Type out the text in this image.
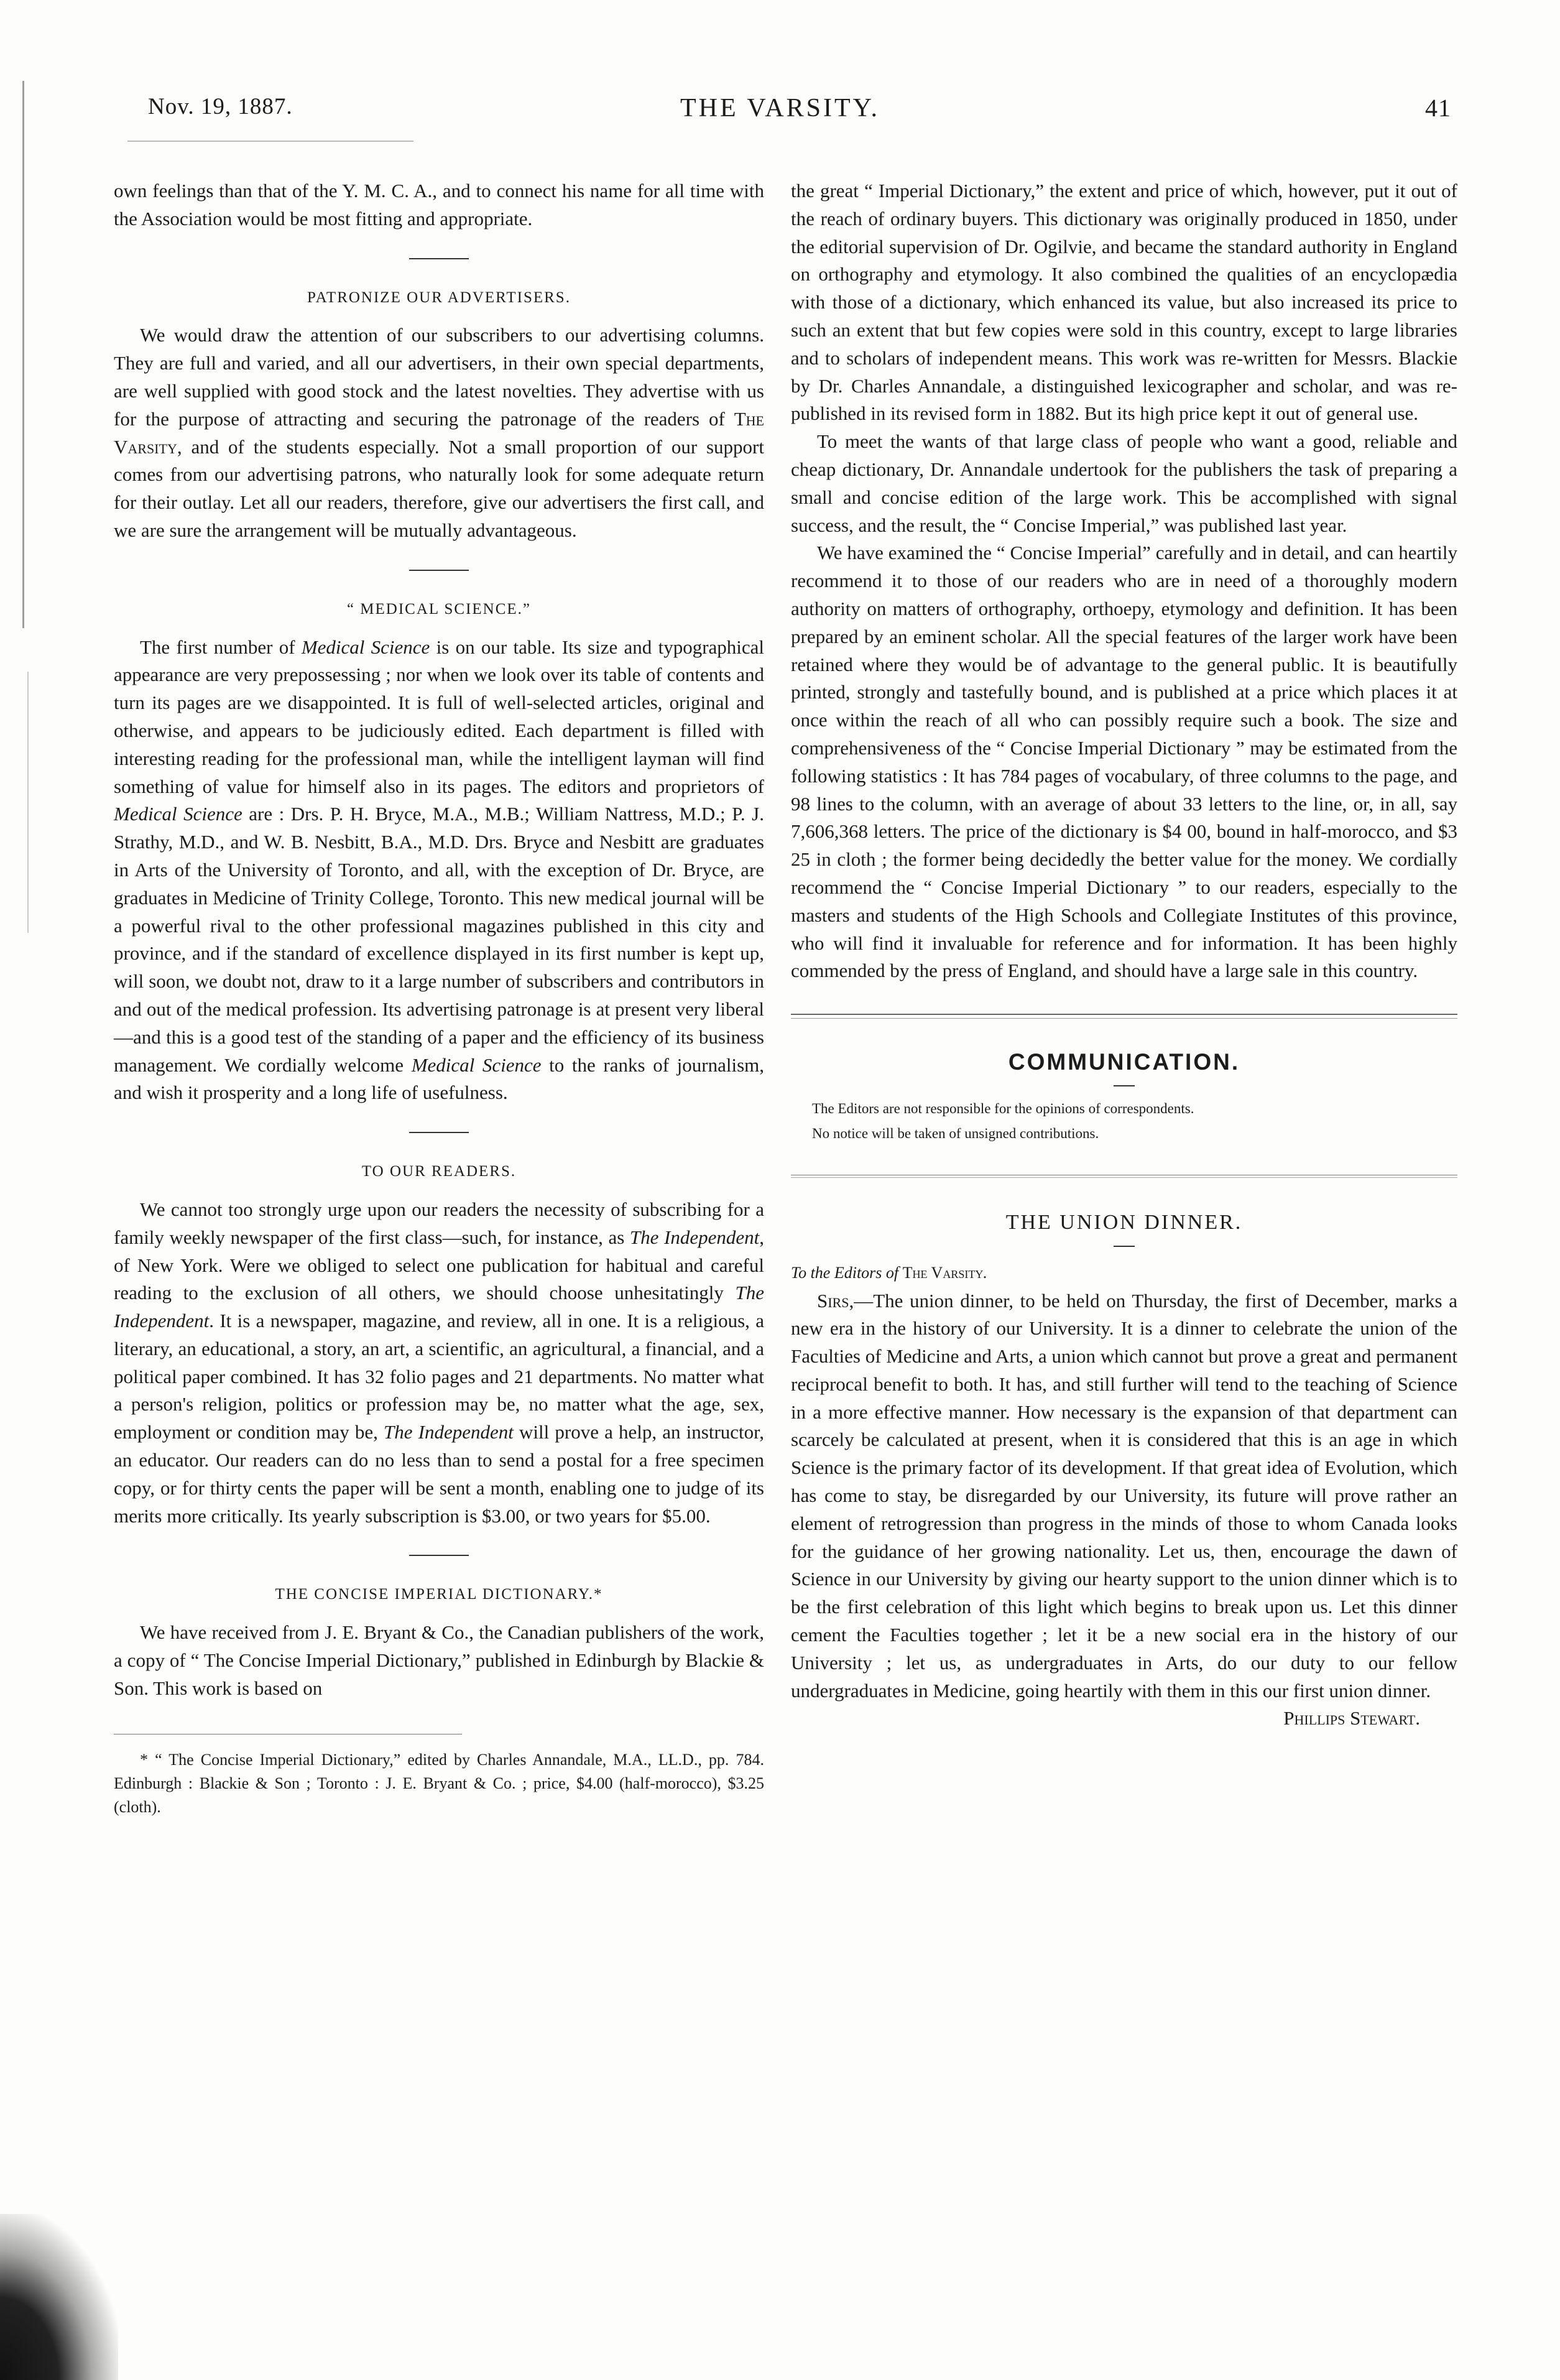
Nov. 19, 1887.	THE VARSITY.	41

own feelings than that of the Y. M. C. A., and to connect his name for all time with the Association would be most fitting and appropriate.

PATRONIZE OUR ADVERTISERS.

We would draw the attention of our subscribers to our advertising columns. They are full and varied, and all our advertisers, in their own special departments, are well supplied with good stock and the latest novelties. They advertise with us for the purpose of attracting and securing the patronage of the readers of The Varsity, and of the students especially. Not a small proportion of our support comes from our advertising patrons, who naturally look for some adequate return for their outlay. Let all our readers, therefore, give our advertisers the first call, and we are sure the arrangement will be mutually advantageous.

“ MEDICAL SCIENCE.”

The first number of Medical Science is on our table. Its size and typographical appearance are very prepossessing ; nor when we look over its table of contents and turn its pages are we disappointed. It is full of well-selected articles, original and otherwise, and appears to be judiciously edited. Each department is filled with interesting reading for the professional man, while the intelligent layman will find something of value for himself also in its pages. The editors and proprietors of Medical Science are : Drs. P. H. Bryce, M.A., M.B.; William Nattress, M.D.; P. J. Strathy, M.D., and W. B. Nesbitt, B.A., M.D. Drs. Bryce and Nesbitt are graduates in Arts of the University of Toronto, and all, with the exception of Dr. Bryce, are graduates in Medicine of Trinity College, Toronto. This new medical journal will be a powerful rival to the other professional magazines published in this city and province, and if the standard of excellence displayed in its first number is kept up, will soon, we doubt not, draw to it a large number of subscribers and contributors in and out of the medical profession. Its advertising patronage is at present very liberal—and this is a good test of the standing of a paper and the efficiency of its business management. We cordially welcome Medical Science to the ranks of journalism, and wish it prosperity and a long life of usefulness.

TO OUR READERS.

We cannot too strongly urge upon our readers the necessity of subscribing for a family weekly newspaper of the first class—such, for instance, as The Independent, of New York. Were we obliged to select one publication for habitual and careful reading to the exclusion of all others, we should choose unhesitatingly The Independent. It is a newspaper, magazine, and review, all in one. It is a religious, a literary, an educational, a story, an art, a scientific, an agricultural, a financial, and a political paper combined. It has 32 folio pages and 21 departments. No matter what a person's religion, politics or profession may be, no matter what the age, sex, employment or condition may be, The Independent will prove a help, an instructor, an educator. Our readers can do no less than to send a postal for a free specimen copy, or for thirty cents the paper will be sent a month, enabling one to judge of its merits more critically. Its yearly subscription is $3.00, or two years for $5.00.

THE CONCISE IMPERIAL DICTIONARY.*

We have received from J. E. Bryant & Co., the Canadian publishers of the work, a copy of “ The Concise Imperial Dictionary,” published in Edinburgh by Blackie & Son. This work is based on

* “ The Concise Imperial Dictionary,” edited by Charles Annandale, M.A., LL.D., pp. 784. Edinburgh : Blackie & Son ; Toronto : J. E. Bryant & Co. ; price, $4.00 (half-morocco), $3.25 (cloth).

the great “ Imperial Dictionary,” the extent and price of which, however, put it out of the reach of ordinary buyers. This dictionary was originally produced in 1850, under the editorial supervision of Dr. Ogilvie, and became the standard authority in England on orthography and etymology. It also combined the qualities of an encyclopædia with those of a dictionary, which enhanced its value, but also increased its price to such an extent that but few copies were sold in this country, except to large libraries and to scholars of independent means. This work was re-written for Messrs. Blackie by Dr. Charles Annandale, a distinguished lexicographer and scholar, and was re-published in its revised form in 1882. But its high price kept it out of general use.

To meet the wants of that large class of people who want a good, reliable and cheap dictionary, Dr. Annandale undertook for the publishers the task of preparing a small and concise edition of the large work. This be accomplished with signal success, and the result, the “ Concise Imperial,” was published last year.

We have examined the “ Concise Imperial” carefully and in detail, and can heartily recommend it to those of our readers who are in need of a thoroughly modern authority on matters of orthography, orthoepy, etymology and definition. It has been prepared by an eminent scholar. All the special features of the larger work have been retained where they would be of advantage to the general public. It is beautifully printed, strongly and tastefully bound, and is published at a price which places it at once within the reach of all who can possibly require such a book. The size and comprehensiveness of the “ Concise Imperial Dictionary ” may be estimated from the following statistics : It has 784 pages of vocabulary, of three columns to the page, and 98 lines to the column, with an average of about 33 letters to the line, or, in all, say 7,606,368 letters. The price of the dictionary is $4 00, bound in half-morocco, and $3 25 in cloth ; the former being decidedly the better value for the money. We cordially recommend the “ Concise Imperial Dictionary ” to our readers, especially to the masters and students of the High Schools and Collegiate Institutes of this province, who will find it invaluable for reference and for information. It has been highly commended by the press of England, and should have a large sale in this country.

COMMUNICATION.
The Editors are not responsible for the opinions of correspondents.
No notice will be taken of unsigned contributions.
THE UNION DINNER.
To the Editors of The Varsity.

Sirs,—The union dinner, to be held on Thursday, the first of December, marks a new era in the history of our University. It is a dinner to celebrate the union of the Faculties of Medicine and Arts, a union which cannot but prove a great and permanent reciprocal benefit to both. It has, and still further will tend to the teaching of Science in a more effective manner. How necessary is the expansion of that department can scarcely be calculated at present, when it is considered that this is an age in which Science is the primary factor of its development. If that great idea of Evolution, which has come to stay, be disregarded by our University, its future will prove rather an element of retrogression than progress in the minds of those to whom Canada looks for the guidance of her growing nationality. Let us, then, encourage the dawn of Science in our University by giving our hearty support to the union dinner which is to be the first celebration of this light which begins to break upon us. Let this dinner cement the Faculties together ; let it be a new social era in the history of our University ; let us, as undergraduates in Arts, do our duty to our fellow undergraduates in Medicine, going heartily with them in this our first union dinner.

Phillips Stewart.
